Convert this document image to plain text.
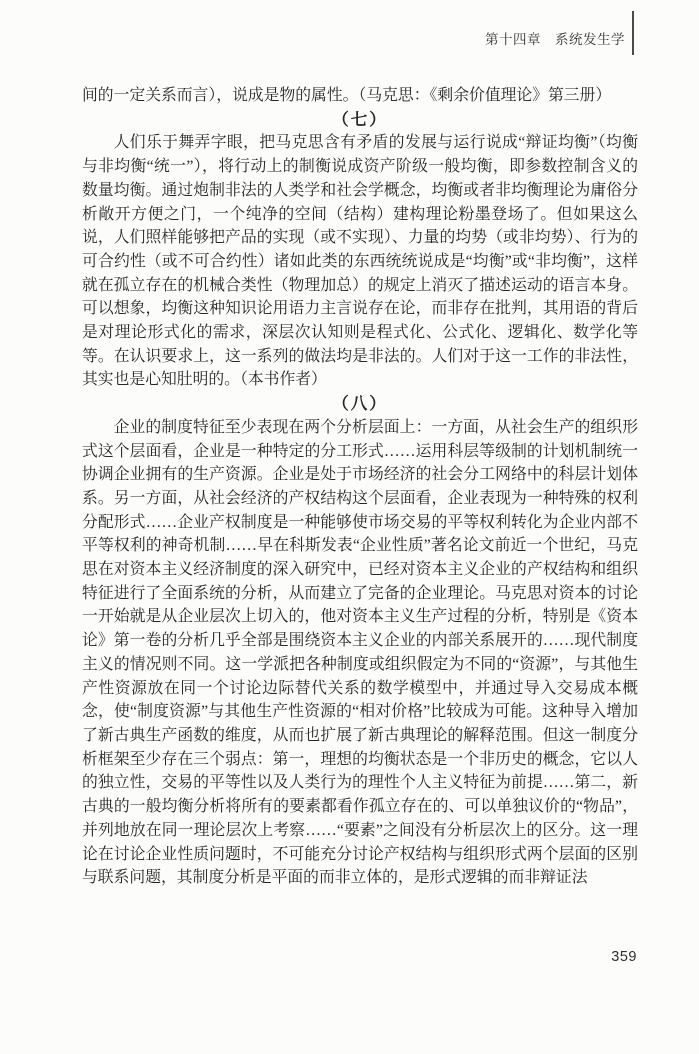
第十四章　系统发生学

间的一定关系而言），说成是物的属性。（马克思：《剩余价值理论》第三册）

（七）

人们乐于舞弄字眼，把马克思含有矛盾的发展与运行说成“辩证均衡”（均衡与非均衡“统一”），将行动上的制衡说成资产阶级一般均衡，即参数控制含义的数量均衡。通过炮制非法的人类学和社会学概念，均衡或者非均衡理论为庸俗分析敞开方便之门，一个纯净的空间（结构）建构理论粉墨登场了。但如果这么说，人们照样能够把产品的实现（或不实现）、力量的均势（或非均势）、行为的可合约性（或不可合约性）诸如此类的东西统统说成是“均衡”或“非均衡”，这样就在孤立存在的机械合类性（物理加总）的规定上消灭了描述运动的语言本身。可以想象，均衡这种知识论用语力主言说存在论，而非存在批判，其用语的背后是对理论形式化的需求，深层次认知则是程式化、公式化、逻辑化、数学化等等。在认识要求上，这一系列的做法均是非法的。人们对于这一工作的非法性，其实也是心知肚明的。（本书作者）

（八）

企业的制度特征至少表现在两个分析层面上：一方面，从社会生产的组织形式这个层面看，企业是一种特定的分工形式……运用科层等级制的计划机制统一协调企业拥有的生产资源。企业是处于市场经济的社会分工网络中的科层计划体系。另一方面，从社会经济的产权结构这个层面看，企业表现为一种特殊的权利分配形式……企业产权制度是一种能够使市场交易的平等权利转化为企业内部不平等权利的神奇机制……早在科斯发表“企业性质”著名论文前近一个世纪，马克思在对资本主义经济制度的深入研究中，已经对资本主义企业的产权结构和组织特征进行了全面系统的分析，从而建立了完备的企业理论。马克思对资本的讨论一开始就是从企业层次上切入的，他对资本主义生产过程的分析，特别是《资本论》第一卷的分析几乎全部是围绕资本主义企业的内部关系展开的……现代制度主义的情况则不同。这一学派把各种制度或组织假定为不同的“资源”，与其他生产性资源放在同一个讨论边际替代关系的数学模型中，并通过导入交易成本概念，使“制度资源”与其他生产性资源的“相对价格”比较成为可能。这种导入增加了新古典生产函数的维度，从而也扩展了新古典理论的解释范围。但这一制度分析框架至少存在三个弱点：第一，理想的均衡状态是一个非历史的概念，它以人的独立性，交易的平等性以及人类行为的理性个人主义特征为前提……第二，新古典的一般均衡分析将所有的要素都看作孤立存在的、可以单独议价的“物品”，并列地放在同一理论层次上考察……“要素”之间没有分析层次上的区分。这一理论在讨论企业性质问题时，不可能充分讨论产权结构与组织形式两个层面的区别与联系问题，其制度分析是平面的而非立体的，是形式逻辑的而非辩证法

359
